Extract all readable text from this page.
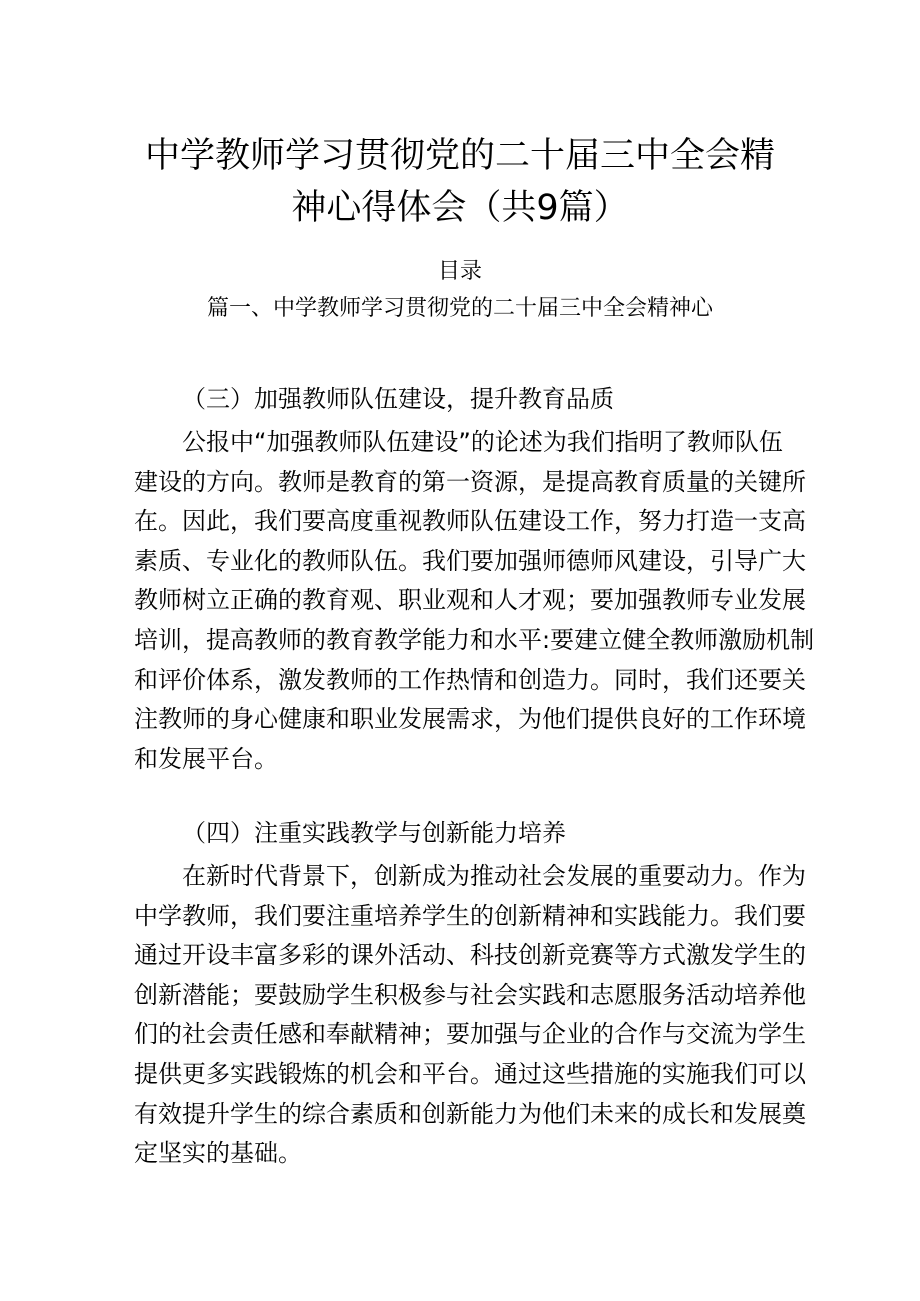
中学教师学习贯彻党的二十届三中全会精
神心得体会（共9篇）
目录
篇一、中学教师学习贯彻党的二十届三中全会精神心
（三）加强教师队伍建设，提升教育品质
公报中“加强教师队伍建设”的论述为我们指明了教师队伍
建设的方向。教师是教育的第一资源，是提高教育质量的关键所
在。因此，我们要高度重视教师队伍建设工作，努力打造一支高
素质、专业化的教师队伍。我们要加强师德师风建设，引导广大
教师树立正确的教育观、职业观和人才观；要加强教师专业发展
培训，提高教师的教育教学能力和水平:要建立健全教师激励机制
和评价体系，激发教师的工作热情和创造力。同时，我们还要关
注教师的身心健康和职业发展需求，为他们提供良好的工作环境
和发展平台。
（四）注重实践教学与创新能力培养
在新时代背景下，创新成为推动社会发展的重要动力。作为
中学教师，我们要注重培养学生的创新精神和实践能力。我们要
通过开设丰富多彩的课外活动、科技创新竞赛等方式激发学生的
创新潜能；要鼓励学生积极参与社会实践和志愿服务活动培养他
们的社会责任感和奉献精神；要加强与企业的合作与交流为学生
提供更多实践锻炼的机会和平台。通过这些措施的实施我们可以
有效提升学生的综合素质和创新能力为他们未来的成长和发展奠
定坚实的基础。
